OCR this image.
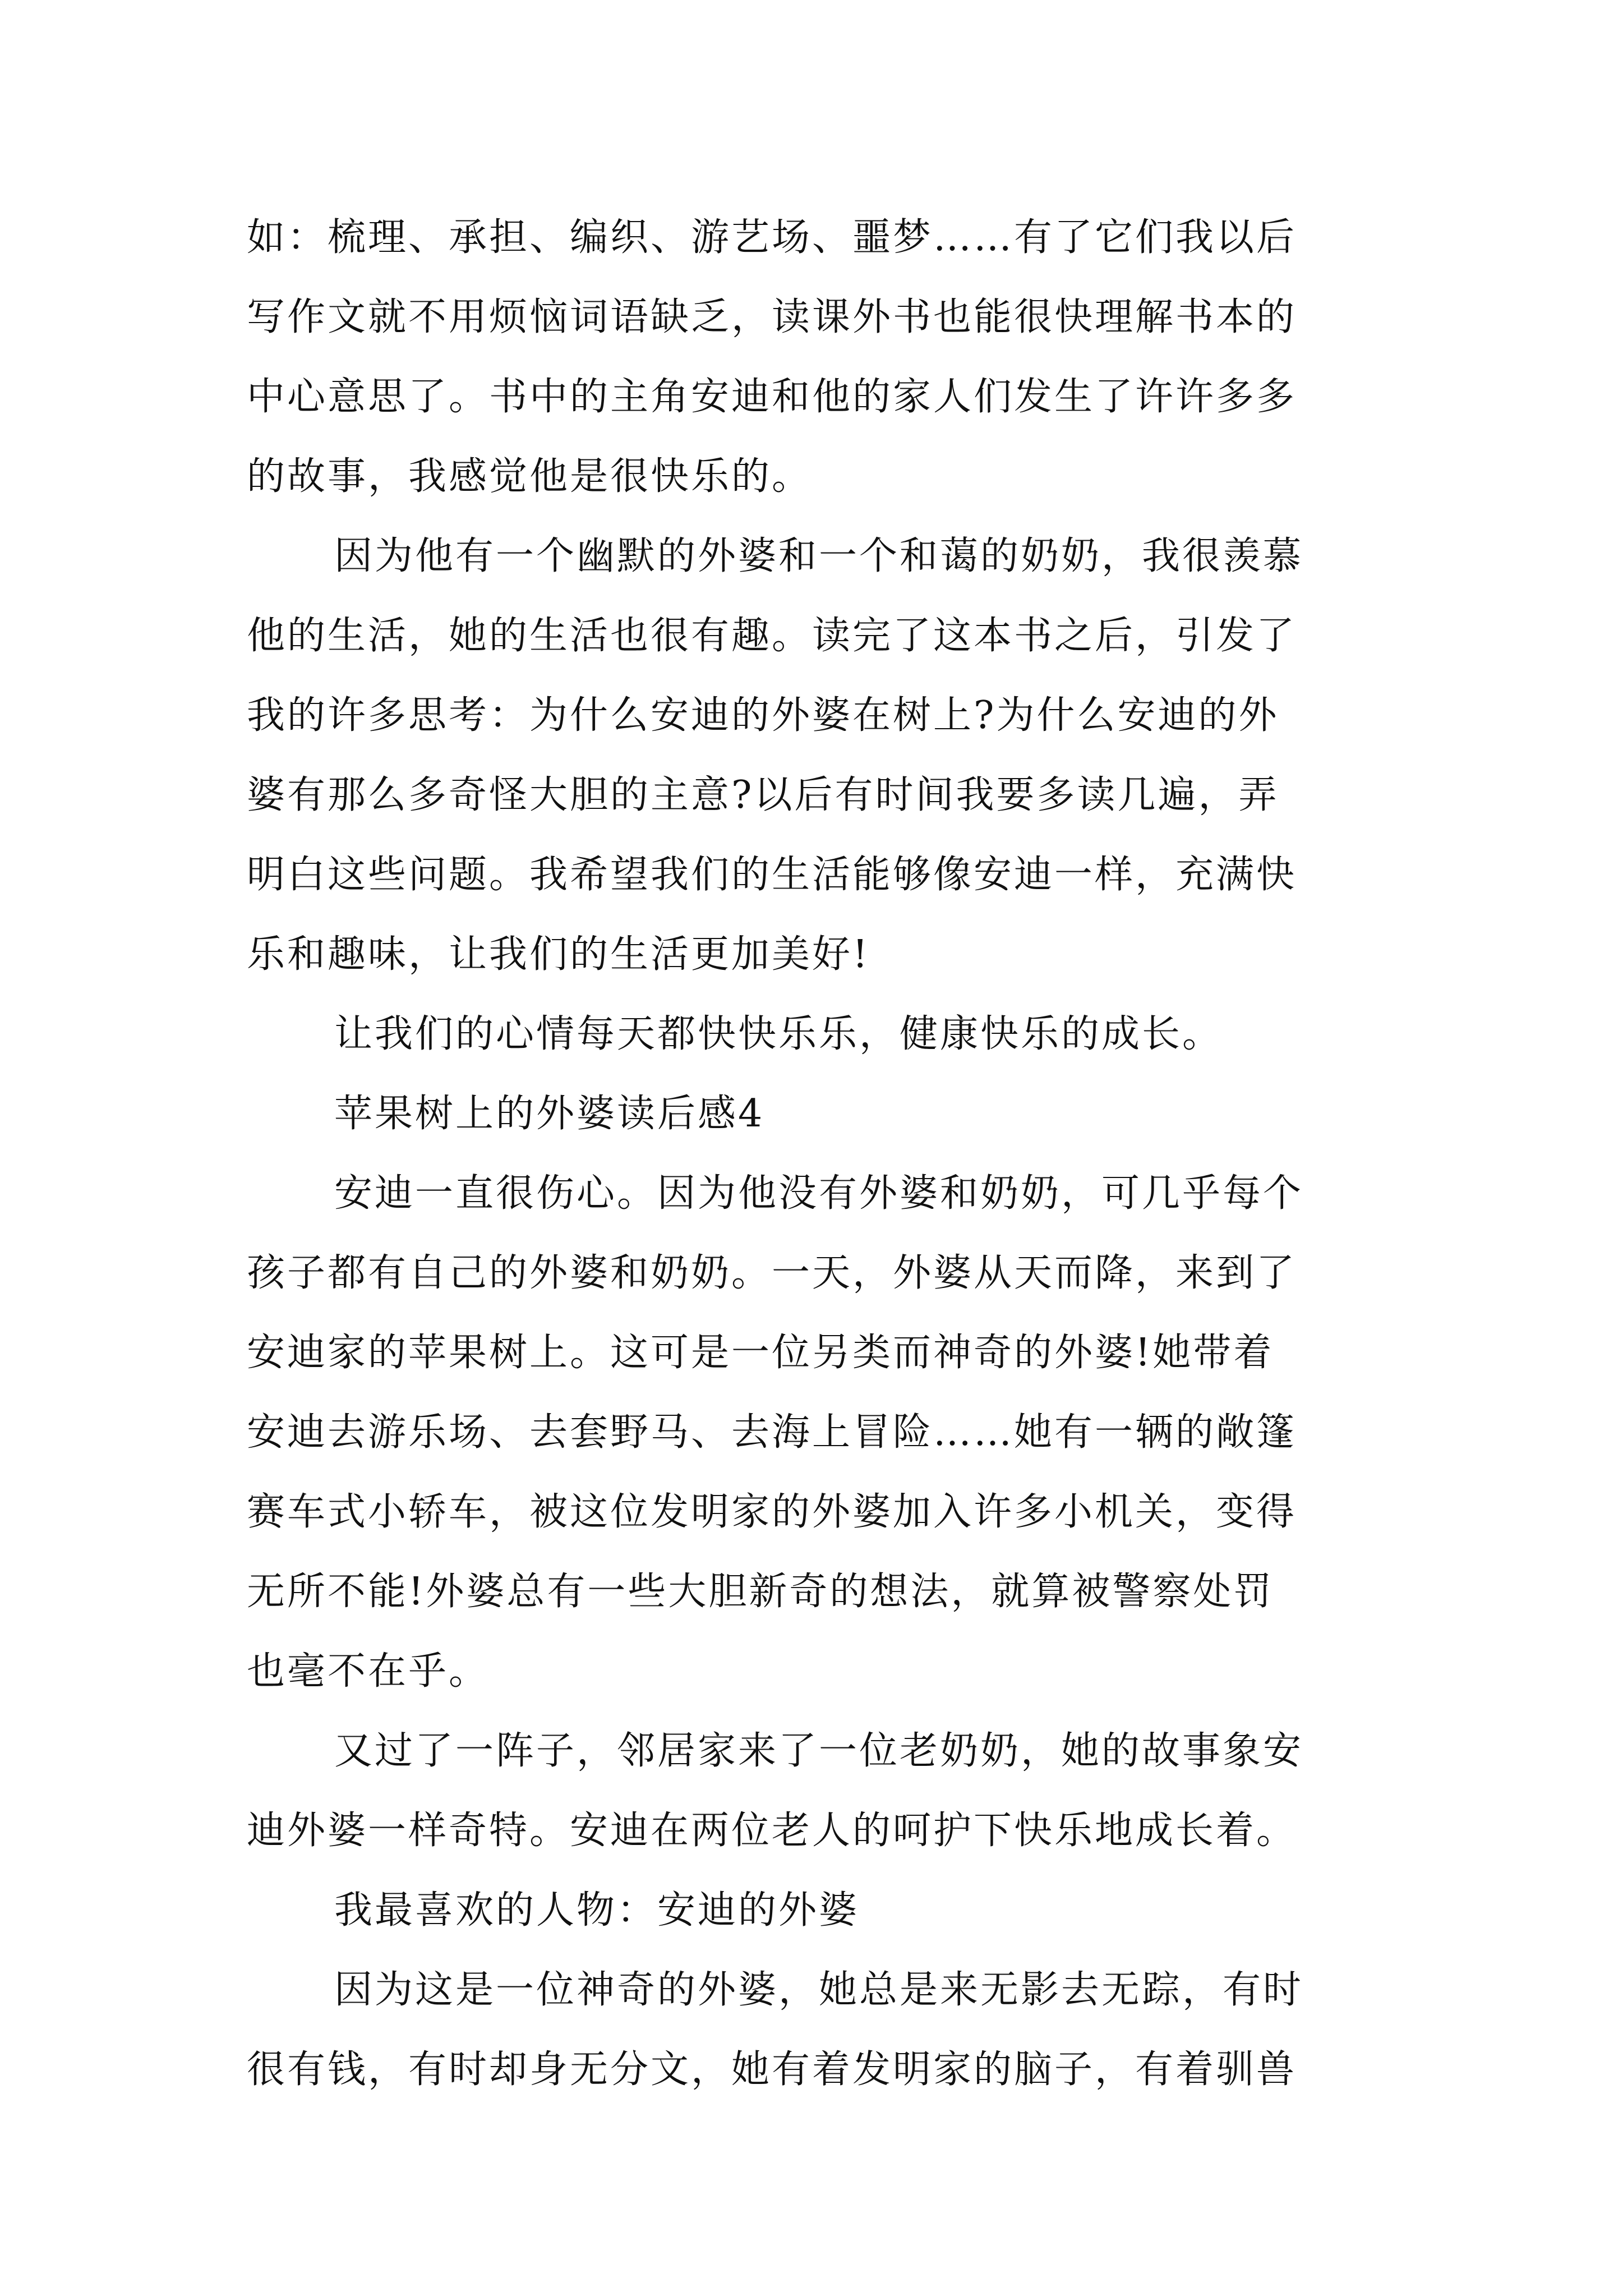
如：梳理、承担、编织、游艺场、噩梦……有了它们我以后
写作文就不用烦恼词语缺乏，读课外书也能很快理解书本的
中心意思了。书中的主角安迪和他的家人们发生了许许多多
的故事，我感觉他是很快乐的。
因为他有一个幽默的外婆和一个和蔼的奶奶，我很羡慕
他的生活，她的生活也很有趣。读完了这本书之后，引发了
我的许多思考：为什么安迪的外婆在树上?为什么安迪的外
婆有那么多奇怪大胆的主意?以后有时间我要多读几遍，弄
明白这些问题。我希望我们的生活能够像安迪一样，充满快
乐和趣味，让我们的生活更加美好!
让我们的心情每天都快快乐乐，健康快乐的成长。
苹果树上的外婆读后感4
安迪一直很伤心。因为他没有外婆和奶奶，可几乎每个
孩子都有自己的外婆和奶奶。一天，外婆从天而降，来到了
安迪家的苹果树上。这可是一位另类而神奇的外婆!她带着
安迪去游乐场、去套野马、去海上冒险……她有一辆的敞篷
赛车式小轿车，被这位发明家的外婆加入许多小机关，变得
无所不能!外婆总有一些大胆新奇的想法，就算被警察处罚
也毫不在乎。
又过了一阵子，邻居家来了一位老奶奶，她的故事象安
迪外婆一样奇特。安迪在两位老人的呵护下快乐地成长着。
我最喜欢的人物：安迪的外婆
因为这是一位神奇的外婆，她总是来无影去无踪，有时
很有钱，有时却身无分文，她有着发明家的脑子，有着驯兽
